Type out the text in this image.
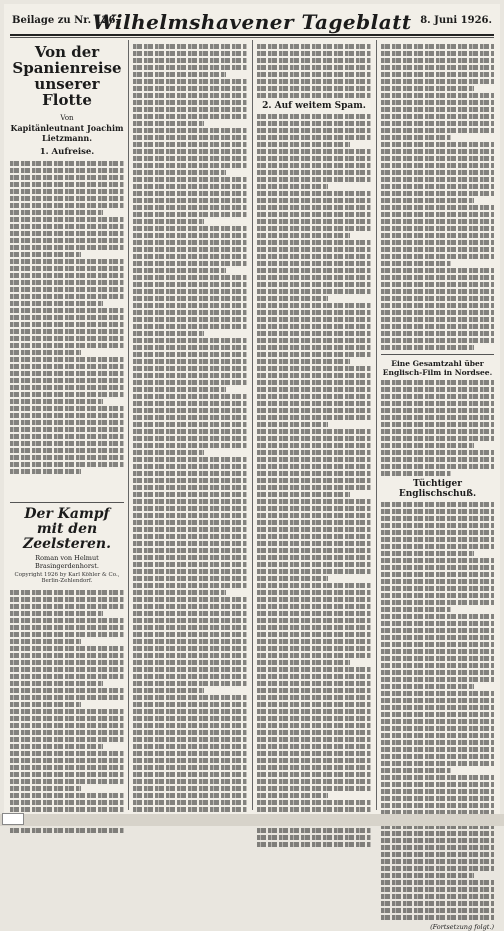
Beilage zu Nr. 126.
Wilhelmshavener Tageblatt 8. Juni 1926.
Von der Spanienreise unserer Flotte
Von
Kapitänleutnant Joachim Lietzmann.
1. Aufreise.
Der Kampf mit den Zeelsteren.
Roman von Helmut Brasingerdenhorst.
Copyright 1926 by Karl Köhler & Co., Berlin-Zehlendorf.
2. Auf weitem Spam.
Eine Gesamtzahl über Englisch-Film in Nordsee.
Tüchtiger Englischschuß.
(Fortsetzung folgt.)
